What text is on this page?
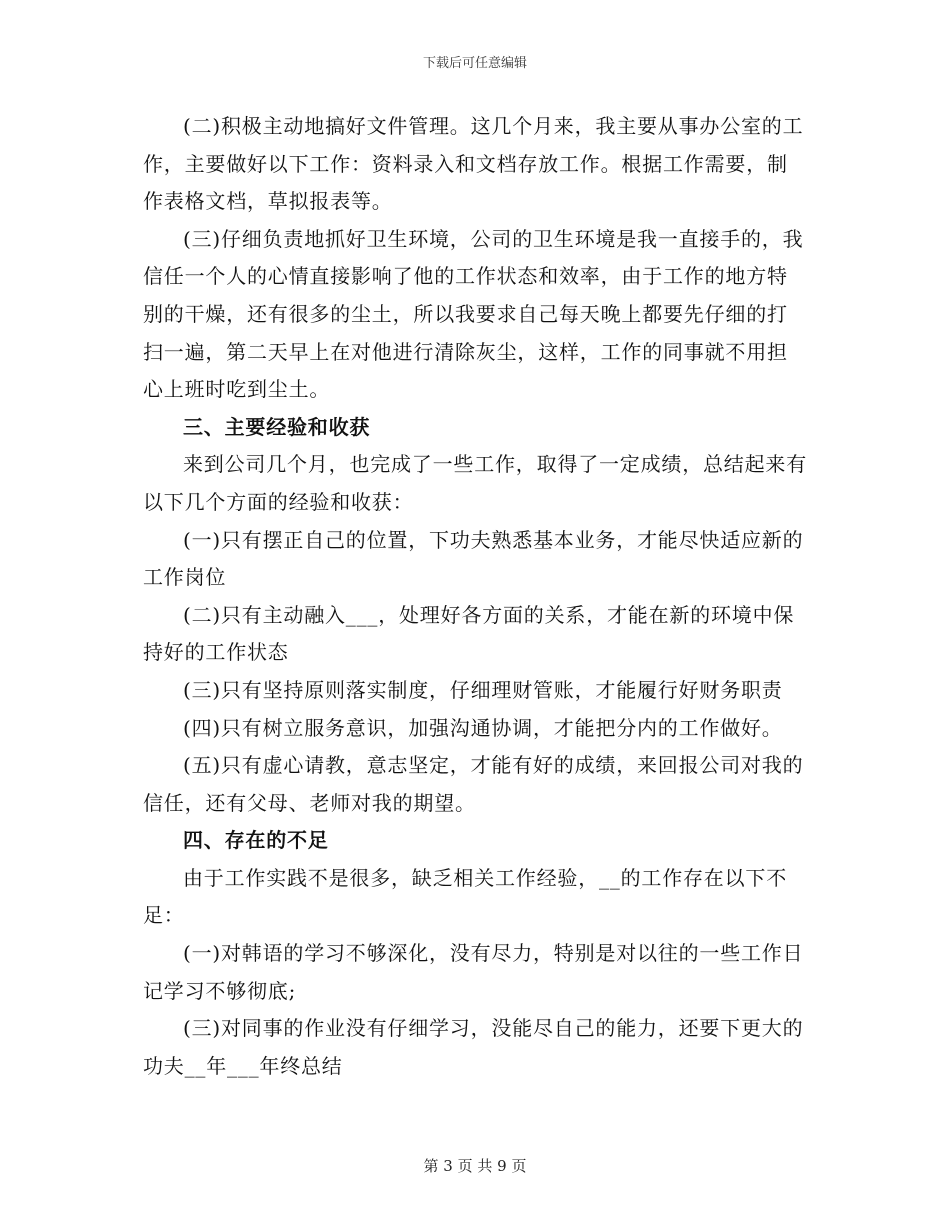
下载后可任意编辑

(二)积极主动地搞好文件管理。这几个月来，我主要从事办公室的工作，主要做好以下工作：资料录入和文档存放工作。根据工作需要，制作表格文档，草拟报表等。

(三)仔细负责地抓好卫生环境，公司的卫生环境是我一直接手的，我信任一个人的心情直接影响了他的工作状态和效率，由于工作的地方特别的干燥，还有很多的尘土，所以我要求自己每天晚上都要先仔细的打扫一遍，第二天早上在对他进行清除灰尘，这样，工作的同事就不用担心上班时吃到尘土。

三、主要经验和收获

来到公司几个月，也完成了一些工作，取得了一定成绩，总结起来有以下几个方面的经验和收获：

(一)只有摆正自己的位置，下功夫熟悉基本业务，才能尽快适应新的工作岗位

(二)只有主动融入___，处理好各方面的关系，才能在新的环境中保持好的工作状态

(三)只有坚持原则落实制度，仔细理财管账，才能履行好财务职责

(四)只有树立服务意识，加强沟通协调，才能把分内的工作做好。

(五)只有虚心请教，意志坚定，才能有好的成绩，来回报公司对我的信任，还有父母、老师对我的期望。

四、存在的不足

由于工作实践不是很多，缺乏相关工作经验，__的工作存在以下不足：

(一)对韩语的学习不够深化，没有尽力，特别是对以往的一些工作日记学习不够彻底;

(三)对同事的作业没有仔细学习，没能尽自己的能力，还要下更大的功夫__年___年终总结

第 3 页 共 9 页
